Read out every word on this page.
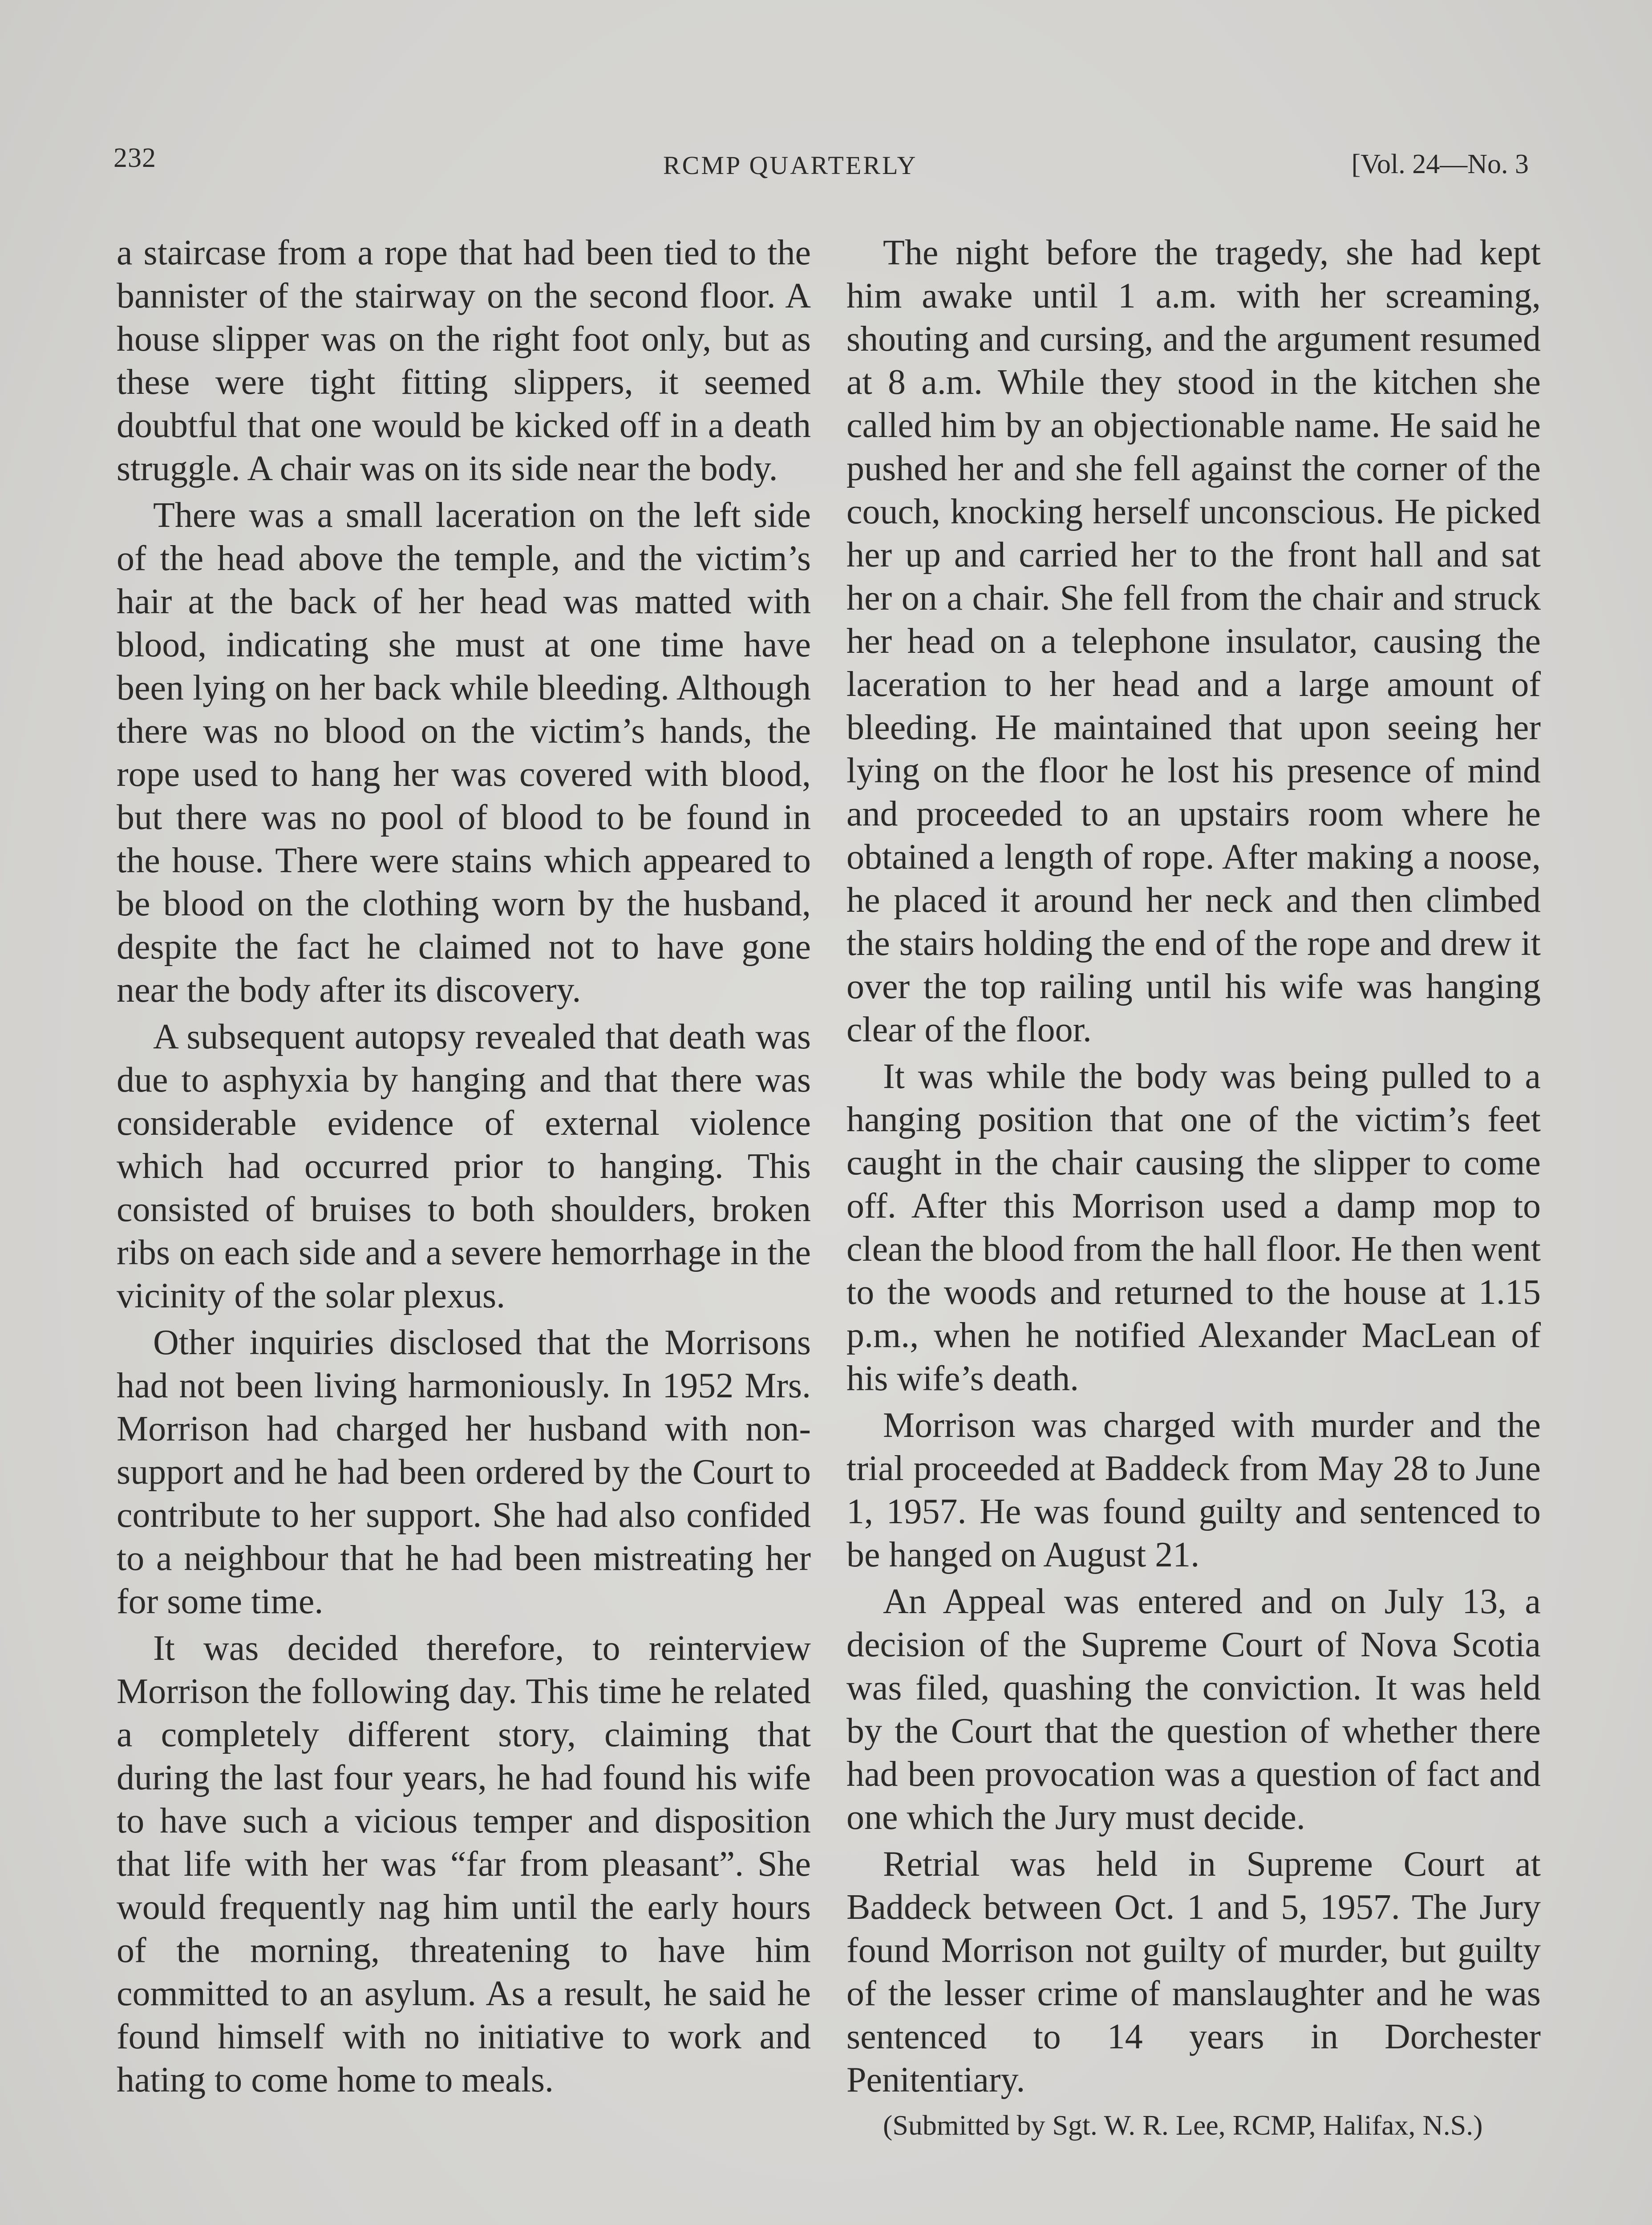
232	RCMP QUARTERLY	[Vol. 24—No. 3

a staircase from a rope that had been tied to the bannister of the stairway on the second floor. A house slipper was on the right foot only, but as these were tight fitting slippers, it seemed doubtful that one would be kicked off in a death struggle. A chair was on its side near the body.

There was a small laceration on the left side of the head above the temple, and the victim’s hair at the back of her head was matted with blood, indicating she must at one time have been lying on her back while bleeding. Although there was no blood on the victim’s hands, the rope used to hang her was covered with blood, but there was no pool of blood to be found in the house. There were stains which appeared to be blood on the clothing worn by the husband, despite the fact he claimed not to have gone near the body after its discovery.

A subsequent autopsy revealed that death was due to asphyxia by hanging and that there was considerable evidence of external violence which had occurred prior to hanging. This consisted of bruises to both shoulders, broken ribs on each side and a severe hemorrhage in the vicinity of the solar plexus.

Other inquiries disclosed that the Morrisons had not been living harmoniously. In 1952 Mrs. Morrison had charged her husband with non-support and he had been ordered by the Court to contribute to her support. She had also confided to a neighbour that he had been mistreating her for some time.

It was decided therefore, to reinterview Morrison the following day. This time he related a completely different story, claiming that during the last four years, he had found his wife to have such a vicious temper and disposition that life with her was “far from pleasant”. She would frequently nag him until the early hours of the morning, threatening to have him committed to an asylum. As a result, he said he found himself with no initiative to work and hating to come home to meals.

The night before the tragedy, she had kept him awake until 1 a.m. with her screaming, shouting and cursing, and the argument resumed at 8 a.m. While they stood in the kitchen she called him by an objectionable name. He said he pushed her and she fell against the corner of the couch, knocking herself unconscious. He picked her up and carried her to the front hall and sat her on a chair. She fell from the chair and struck her head on a telephone insulator, causing the laceration to her head and a large amount of bleeding. He maintained that upon seeing her lying on the floor he lost his presence of mind and proceeded to an upstairs room where he obtained a length of rope. After making a noose, he placed it around her neck and then climbed the stairs holding the end of the rope and drew it over the top railing until his wife was hanging clear of the floor.

It was while the body was being pulled to a hanging position that one of the victim’s feet caught in the chair causing the slipper to come off. After this Morrison used a damp mop to clean the blood from the hall floor. He then went to the woods and returned to the house at 1.15 p.m., when he notified Alexander MacLean of his wife’s death.

Morrison was charged with murder and the trial proceeded at Baddeck from May 28 to June 1, 1957. He was found guilty and sentenced to be hanged on August 21.

An Appeal was entered and on July 13, a decision of the Supreme Court of Nova Scotia was filed, quashing the conviction. It was held by the Court that the question of whether there had been provocation was a question of fact and one which the Jury must decide.

Retrial was held in Supreme Court at Baddeck between Oct. 1 and 5, 1957. The Jury found Morrison not guilty of murder, but guilty of the lesser crime of manslaughter and he was sentenced to 14 years in Dorchester Penitentiary.

(Submitted by Sgt. W. R. Lee, RCMP, Halifax, N.S.)
